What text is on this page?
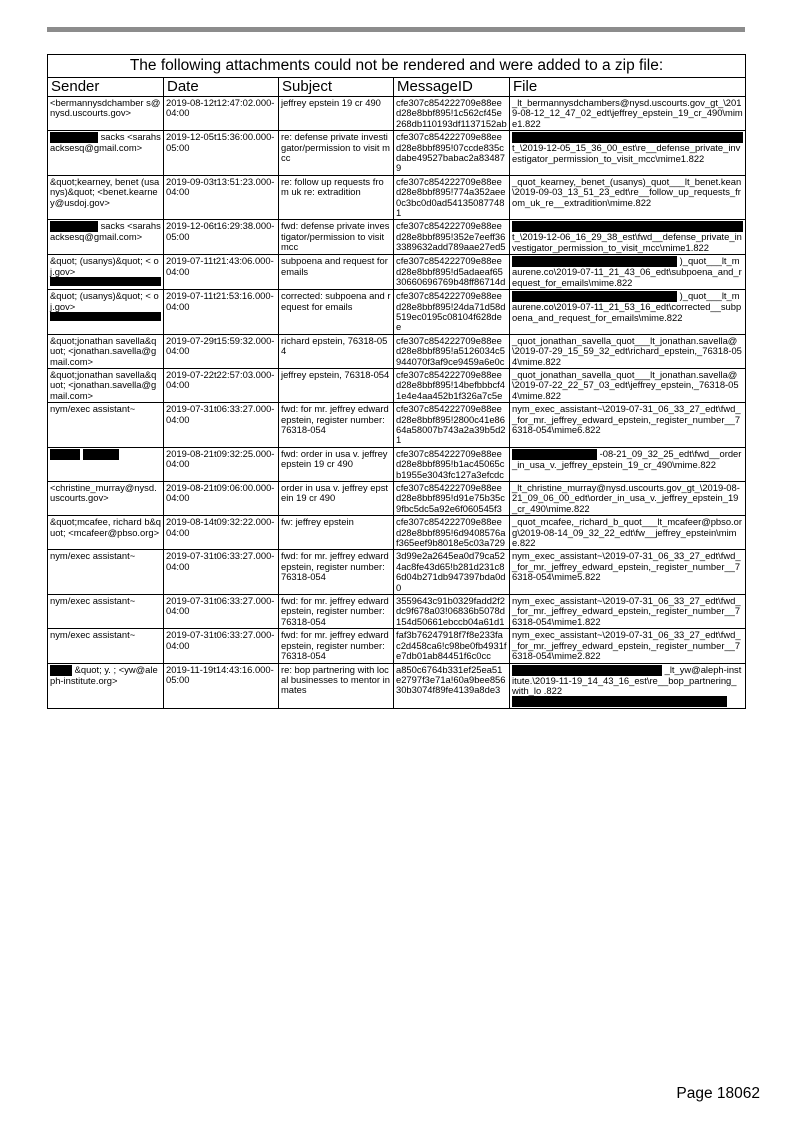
The following attachments could not be rendered and were added to a zip file:				
Sender	Date	Subject	MessageID	File
<bermannysdchamber s@nysd.uscourts.gov>	2019-08-12t12:47:02.000-04:00	jeffrey epstein 19 cr 490	cfe307c854222709e88eed28e8bbf895!1c562cf45e268db110193df1137152ab	_lt_bermannysdchambers@nysd.uscourts.gov_gt_\2019-08-12_12_47_02_edt\jeffrey_epstein_19_cr_490\mime1.822
sacks <sarahsacksesq@gmail.com>	2019-12-05t15:36:00.000-05:00	re: defense private investigator/permission to visit mcc	cfe307c854222709e88eed28e8bbf895!07ccde835cdabe49527babac2a834879	t_\2019-12-05_15_36_00_est\re__defense_private_investigator_permission_to_visit_mcc\mime1.822
&quot;kearney, benet (usanys)&quot; <benet.kearney@usdoj.gov>	2019-09-03t13:51:23.000-04:00	re: follow up requests from uk re: extradition	cfe307c854222709e88eed28e8bbf895!774a352aee0c3bc0d0ad541350877481	_quot_kearney,_benet_(usanys)_quot___lt_benet.kean\2019-09-03_13_51_23_edt\re__follow_up_requests_from_uk_re__extradition\mime.822
sacks <sarahsacksesq@gmail.com>	2019-12-06t16:29:38.000-05:00	fwd: defense private investigator/permission to visit mcc	cfe307c854222709e88eed28e8bbf895!352e7eeff363389632add789aae27ed5	t_\2019-12-06_16_29_38_est\fwd__defense_private_investigator_permission_to_visit_mcc\mime1.822
&quot; (usanys)&quot; < oj.gov>	2019-07-11t21:43:06.000-04:00	subpoena and request for emails	cfe307c854222709e88eed28e8bbf895!d5adaeaf6530660696769b48ff86714d	)_quot___lt_m aurene.co\2019-07-11_21_43_06_edt\subpoena_and_request_for_emails\mime.822
&quot; (usanys)&quot; < oj.gov>	2019-07-11t21:53:16.000-04:00	corrected: subpoena and request for emails	cfe307c854222709e88eed28e8bbf895!24da71d58d519ec0195c08104f628dee	)_quot___lt_m aurene.co\2019-07-11_21_53_16_edt\corrected__subpoena_and_request_for_emails\mime.822
&quot;jonathan savella&quot; <jonathan.savella@gmail.com>	2019-07-29t15:59:32.000-04:00	richard epstein, 76318-054	cfe307c854222709e88eed28e8bbf895!a5126034c5944070f3af9ce9459a6e0c	_quot_jonathan_savella_quot___lt_jonathan.savella@\2019-07-29_15_59_32_edt\richard_epstein,_76318-054\mime.822
&quot;jonathan savella&quot; <jonathan.savella@gmail.com>	2019-07-22t22:57:03.000-04:00	jeffrey epstein, 76318-054	cfe307c854222709e88eed28e8bbf895!14befbbbcf41e4e4aa452b1f326a7c5e	_quot_jonathan_savella_quot___lt_jonathan.savella@\2019-07-22_22_57_03_edt\jeffrey_epstein,_76318-054\mime.822
nym/exec assistant~	2019-07-31t06:33:27.000-04:00	fwd: for mr. jeffrey edward epstein, register number: 76318-054	cfe307c854222709e88eed28e8bbf895!2800c41e8664a58007b743a2a39b5d21	nym_exec_assistant~\2019-07-31_06_33_27_edt\fwd__for_mr._jeffrey_edward_epstein,_register_number__76318-054\mime6.822
	2019-08-21t09:32:25.000-04:00	fwd: order in usa v. jeffrey epstein 19 cr 490	cfe307c854222709e88eed28e8bbf895!b1ac45065cb1955e3043fc127a3efcdc	-08-21_09_32_25_edt\fwd__order_in_usa_v._jeffrey_epstein_19_cr_490\mime.822
<christine_murray@nysd.uscourts.gov>	2019-08-21t09:06:00.000-04:00	order in usa v. jeffrey epstein 19 cr 490	cfe307c854222709e88eed28e8bbf895!d91e75b35c9fbc5dc5a92e6f060545f3	_lt_christine_murray@nysd.uscourts.gov_gt_\2019-08-21_09_06_00_edt\order_in_usa_v._jeffrey_epstein_19_cr_490\mime.822
&quot;mcafee, richard b&quot; <mcafeer@pbso.org>	2019-08-14t09:32:22.000-04:00	fw: jeffrey epstein	cfe307c854222709e88eed28e8bbf895!6d9408576af365eef9b8018e5c03a729	_quot_mcafee,_richard_b_quot___lt_mcafeer@pbso.org\2019-08-14_09_32_22_edt\fw__jeffrey_epstein\mime.822
nym/exec assistant~	2019-07-31t06:33:27.000-04:00	fwd: for mr. jeffrey edward epstein, register number: 76318-054	3d99e2a2645ea0d79ca524ac8fe43d65!b281d231c86d04b271db947397bda0d0	nym_exec_assistant~\2019-07-31_06_33_27_edt\fwd__for_mr._jeffrey_edward_epstein,_register_number__76318-054\mime5.822
nym/exec assistant~	2019-07-31t06:33:27.000-04:00	fwd: for mr. jeffrey edward epstein, register number: 76318-054	3559643c91b0329fadd2f2dc9f678a03!06836b5078d154d50661ebccb04a61d1	nym_exec_assistant~\2019-07-31_06_33_27_edt\fwd__for_mr._jeffrey_edward_epstein,_register_number__76318-054\mime1.822
nym/exec assistant~	2019-07-31t06:33:27.000-04:00	fwd: for mr. jeffrey edward epstein, register number: 76318-054	faf3b76247918f7f8e233fac2d458ca6!c98be0fb4931fe7db01ab84451f6c0cc	nym_exec_assistant~\2019-07-31_06_33_27_edt\fwd__for_mr._jeffrey_edward_epstein,_register_number__76318-054\mime2.822
&quot; y. ; <yw@aleph-institute.org>	2019-11-19t14:43:16.000-05:00	re: bop partnering with local businesses to mentor inmates	a850c6764b331ef25ea51e2797f3e71a!60a9bee85630b3074f89fe4139a8de3	_lt_yw@aleph-institute.\2019-11-19_14_43_16_est\re__bop_partnering_with_lo .822
Page 18062
